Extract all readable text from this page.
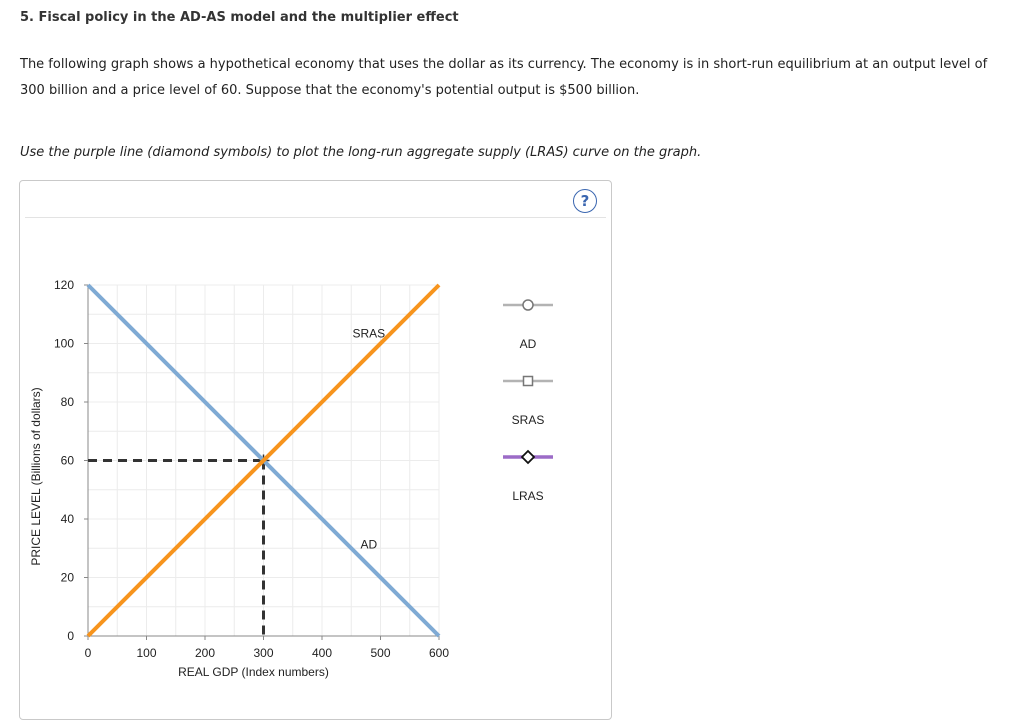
5. Fiscal policy in the AD-AS model and the multiplier effect
The following graph shows a hypothetical economy that uses the dollar as its currency. The economy is in short-run equilibrium at an output level of 300 billion and a price level of 60. Suppose that the economy's potential output is $500 billion.
Use the purple line (diamond symbols) to plot the long-run aggregate supply (LRAS) curve on the graph.
?
0
20
40
60
80
100
120
0	100	200	300	400	500	600
AD
SRAS
REAL GDP (Index numbers)
PRICE LEVEL (Billions of dollars)
AD
SRAS
LRAS
